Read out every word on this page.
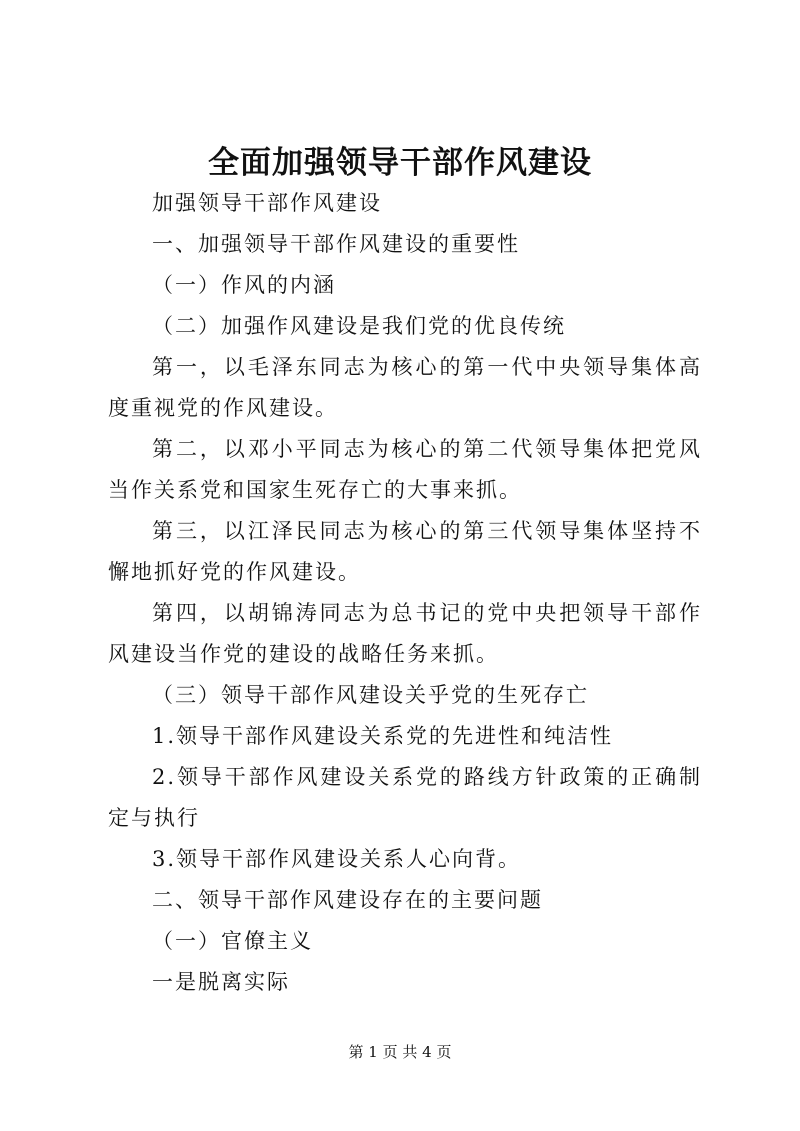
全面加强领导干部作风建设

加强领导干部作风建设

一、加强领导干部作风建设的重要性

（一）作风的内涵

（二）加强作风建设是我们党的优良传统

第一，以毛泽东同志为核心的第一代中央领导集体高度重视党的作风建设。

第二，以邓小平同志为核心的第二代领导集体把党风当作关系党和国家生死存亡的大事来抓。

第三，以江泽民同志为核心的第三代领导集体坚持不懈地抓好党的作风建设。

第四，以胡锦涛同志为总书记的党中央把领导干部作风建设当作党的建设的战略任务来抓。

（三）领导干部作风建设关乎党的生死存亡

1.领导干部作风建设关系党的先进性和纯洁性

2.领导干部作风建设关系党的路线方针政策的正确制定与执行

3.领导干部作风建设关系人心向背。

二、领导干部作风建设存在的主要问题

（一）官僚主义

一是脱离实际

第 1 页 共 4 页
